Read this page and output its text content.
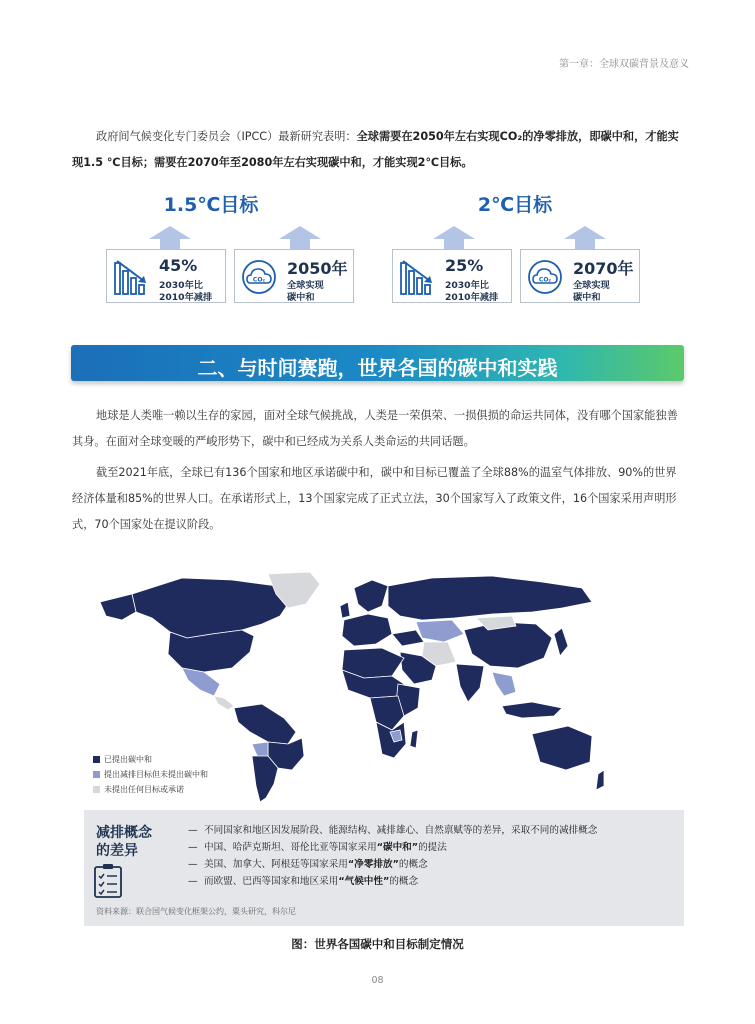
第一章：全球双碳背景及意义

政府间气候变化专门委员会（IPCC）最新研究表明：全球需要在2050年左右实现CO₂的净零排放，即碳中和，才能实现1.5 ℃目标；需要在2070年至2080年左右实现碳中和，才能实现2℃目标。

1.5℃目标
45%
2030年比
2010年减排
CO₂
2050年
全球实现
碳中和
2℃目标
25%
2030年比
2010年减排
CO₂
2070年
全球实现
碳中和
二、与时间赛跑，世界各国的碳中和实践

地球是人类唯一赖以生存的家园，面对全球气候挑战，人类是一荣俱荣、一损俱损的命运共同体，没有哪个国家能独善其身。在面对全球变暖的严峻形势下，碳中和已经成为关系人类命运的共同话题。

截至2021年底，全球已有136个国家和地区承诺碳中和，碳中和目标已覆盖了全球88%的温室气体排放、90%的世界经济体量和85%的世界人口。在承诺形式上，13个国家完成了正式立法，30个国家写入了政策文件，16个国家采用声明形式，70个国家处在提议阶段。

已提出碳中和
提出减排目标但未提出碳中和
未提出任何目标或承诺
减排概念
的差异
— 不同国家和地区因发展阶段、能源结构、减排雄心、自然禀赋等的差异，采取不同的减排概念
— 中国、哈萨克斯坦、哥伦比亚等国家采用“碳中和”的提法
— 美国、加拿大、阿根廷等国家采用“净零排放”的概念
— 而欧盟、巴西等国家和地区采用“气候中性”的概念
资料来源：联合国气候变化框架公约，粟头研究，科尔尼
图：世界各国碳中和目标制定情况
08
